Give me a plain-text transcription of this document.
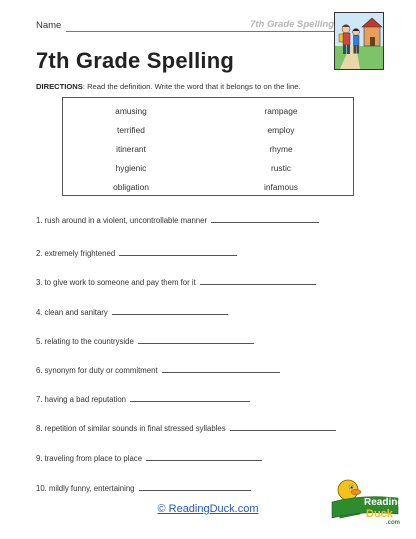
Name	7th Grade Spelling
7th Grade Spelling
DIRECTIONS: Read the definition. Write the word that it belongs to on the line.
amusing
terrified
itinerant
hygienic
obligation
rampage
employ
rhyme
rustic
infamous
1. rush around in a violent, uncontrollable manner
2. extremely frightened
3. to give work to someone and pay them for it
4. clean and sanitary
5. relating to the countryside
6. synonym for duty or commitment
7. having a bad reputation
8. repetition of similar sounds in final stressed syllables
9. traveling from place to place
10. mildly funny, entertaining
© ReadingDuck.com
Reading
Duck
.com
